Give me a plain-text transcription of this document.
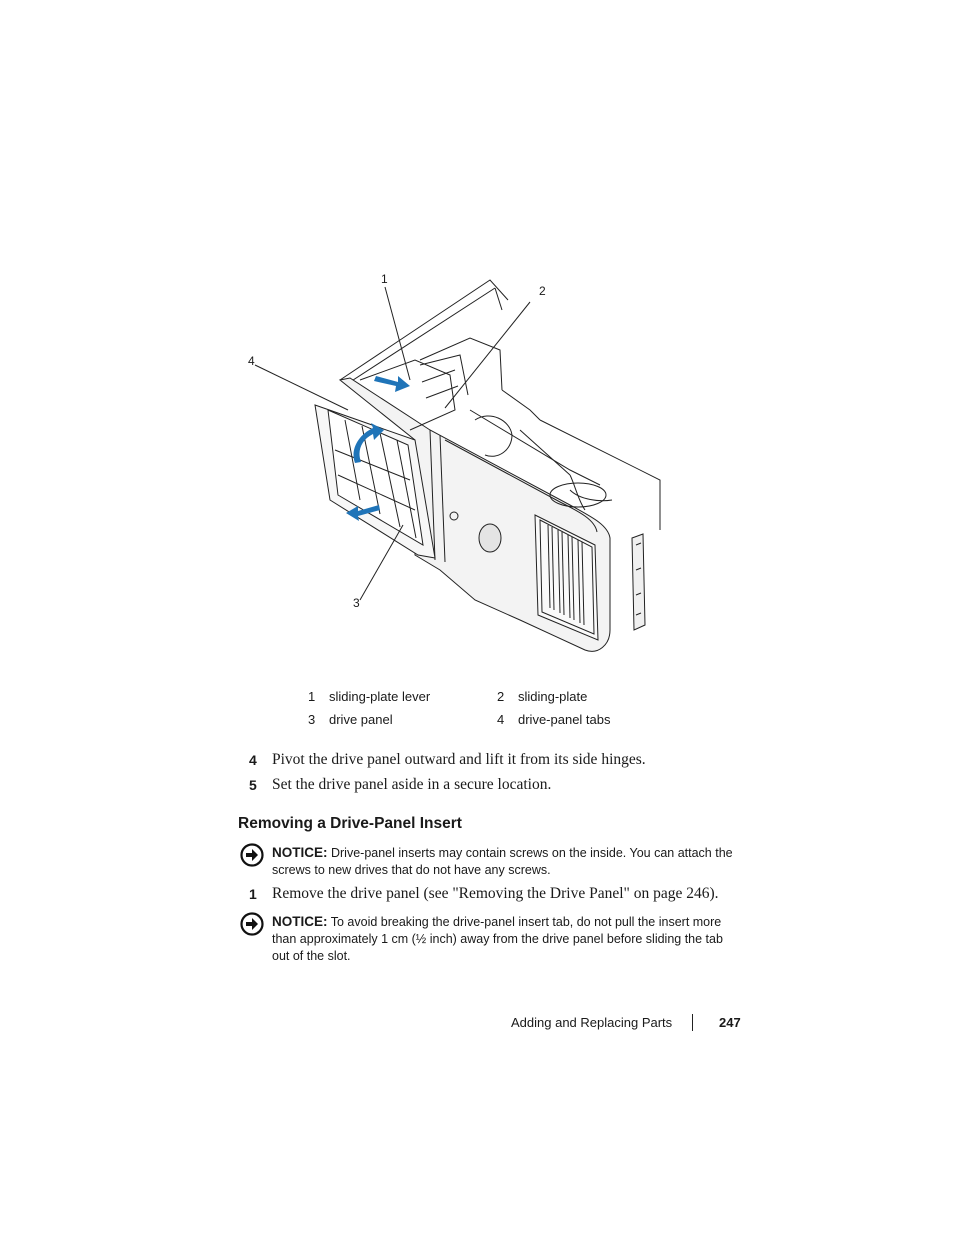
1
2
3
4
1 sliding-plate lever	2 sliding-plate
3 drive panel	4 drive-panel tabs
4 Pivot the drive panel outward and lift it from its side hinges.
5 Set the drive panel aside in a secure location.
Removing a Drive-Panel Insert
NOTICE: Drive-panel inserts may contain screws on the inside. You can attach the screws to new drives that do not have any screws.
1 Remove the drive panel (see "Removing the Drive Panel" on page 246).
NOTICE: To avoid breaking the drive-panel insert tab, do not pull the insert more than approximately 1 cm (½ inch) away from the drive panel before sliding the tab out of the slot.
Adding and Replacing Parts	247
